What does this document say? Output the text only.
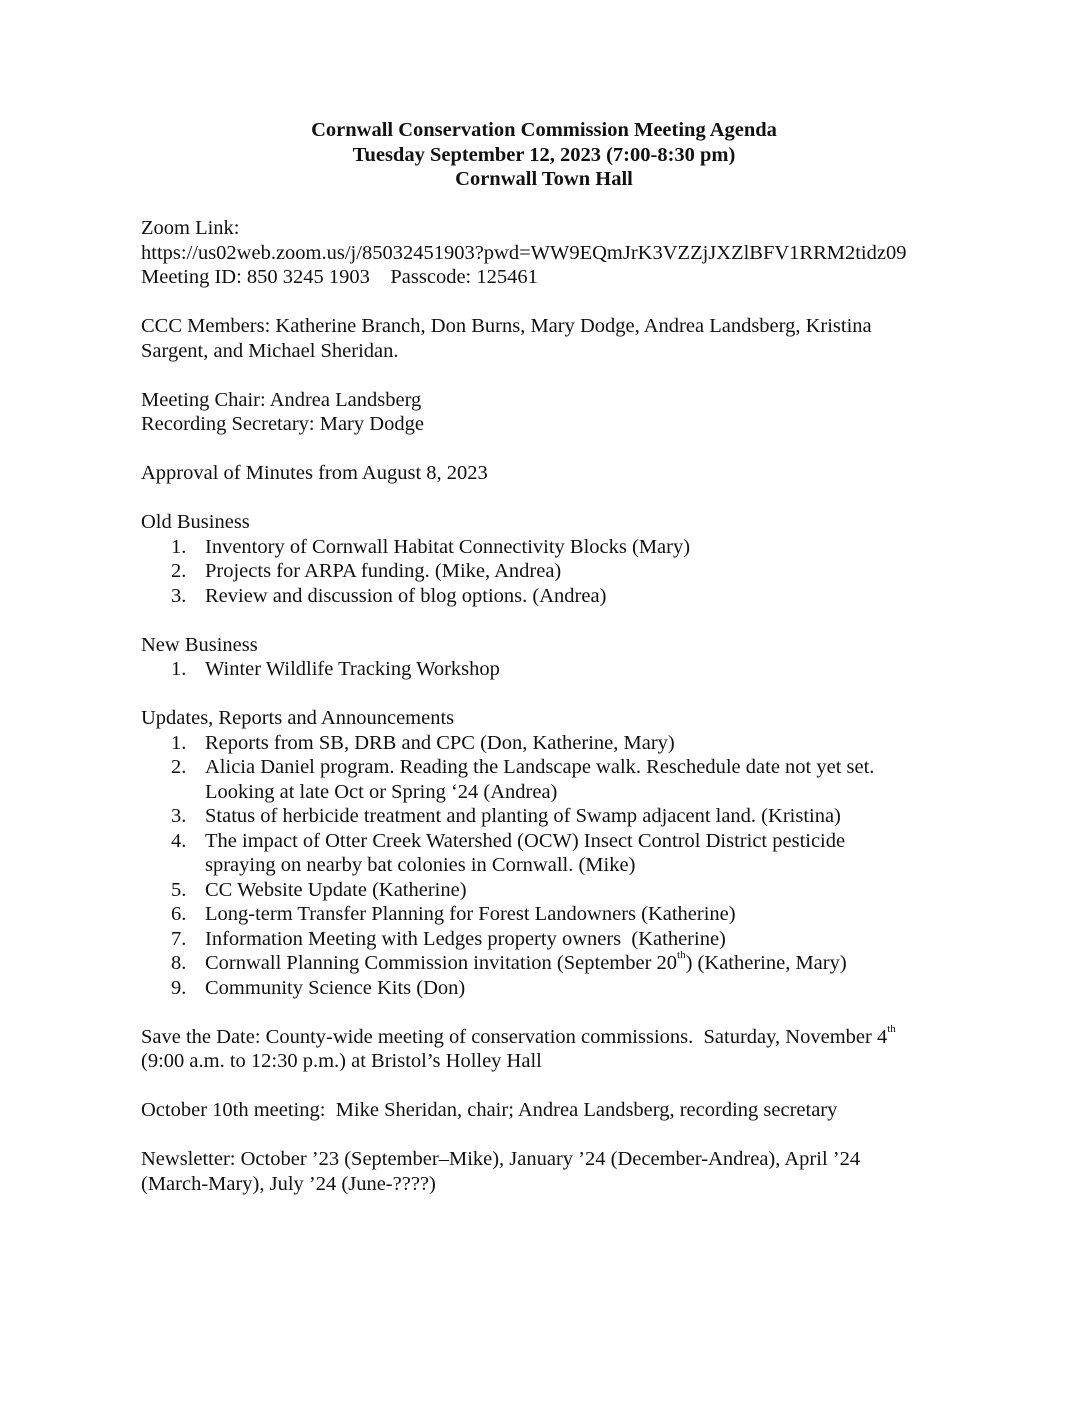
Cornwall Conservation Commission Meeting Agenda
Tuesday September 12, 2023 (7:00-8:30 pm)
Cornwall Town Hall

Zoom Link:
https://us02web.zoom.us/j/85032451903?pwd=WW9EQmJrK3VZZjJXZlBFV1RRM2tidz09
Meeting ID: 850 3245 1903 Passcode: 125461

CCC Members: Katherine Branch, Don Burns, Mary Dodge, Andrea Landsberg, Kristina
Sargent, and Michael Sheridan.

Meeting Chair: Andrea Landsberg
Recording Secretary: Mary Dodge

Approval of Minutes from August 8, 2023

Old Business
1. Inventory of Cornwall Habitat Connectivity Blocks (Mary)
2. Projects for ARPA funding. (Mike, Andrea)
3. Review and discussion of blog options. (Andrea)
New Business
1. Winter Wildlife Tracking Workshop
Updates, Reports and Announcements
1. Reports from SB, DRB and CPC (Don, Katherine, Mary)
2. Alicia Daniel program. Reading the Landscape walk. Reschedule date not yet set.
Looking at late Oct or Spring ‘24 (Andrea)
3. Status of herbicide treatment and planting of Swamp adjacent land. (Kristina)
4. The impact of Otter Creek Watershed (OCW) Insect Control District pesticide
spraying on nearby bat colonies in Cornwall. (Mike)
5. CC Website Update (Katherine)
6. Long-term Transfer Planning for Forest Landowners (Katherine)
7. Information Meeting with Ledges property owners  (Katherine)
8. Cornwall Planning Commission invitation (September 20th) (Katherine, Mary)
9. Community Science Kits (Don)

Save the Date: County-wide meeting of conservation commissions.  Saturday, November 4th
(9:00 a.m. to 12:30 p.m.) at Bristol’s Holley Hall

October 10th meeting:  Mike Sheridan, chair; Andrea Landsberg, recording secretary

Newsletter: October ’23 (September–Mike), January ’24 (December-Andrea), April ’24
(March-Mary), July ’24 (June-????)
